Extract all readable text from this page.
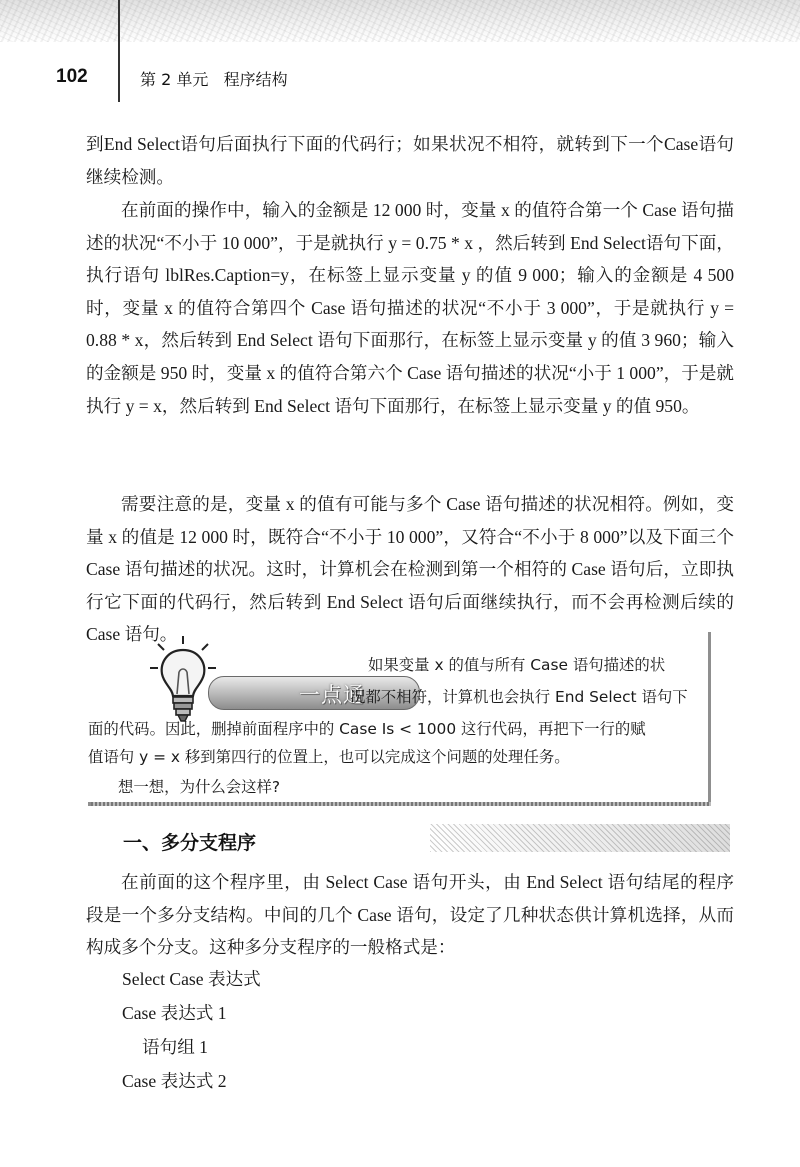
102	第 2 单元   程序结构

到End Select语句后面执行下面的代码行；如果状况不相符，就转到下一个Case语句继续检测。

在前面的操作中，输入的金额是 12 000 时，变量 x 的值符合第一个 Case 语句描述的状况“不小于 10 000”，于是就执行 y = 0.75 * x ，然后转到 End Select语句下面，执行语句 lblRes.Caption=y，在标签上显示变量 y 的值 9 000；输入的金额是 4 500 时，变量 x 的值符合第四个 Case 语句描述的状况“不小于 3 000”，于是就执行 y = 0.88 * x，然后转到 End Select 语句下面那行，在标签上显示变量 y 的值 3 960；输入的金额是 950 时，变量 x 的值符合第六个 Case 语句描述的状况“小于 1 000”，于是就执行 y = x，然后转到 End Select 语句下面那行，在标签上显示变量 y 的值 950。

需要注意的是，变量 x 的值有可能与多个 Case 语句描述的状况相符。例如，变量 x 的值是 12 000 时，既符合“不小于 10 000”，又符合“不小于 8 000”以及下面三个 Case 语句描述的状况。这时，计算机会在检测到第一个相符的 Case 语句后，立即执行它下面的代码行，然后转到 End Select 语句后面继续执行，而不会再检测后续的 Case 语句。

一点通

如果变量 x 的值与所有 Case 语句描述的状

况都不相符，计算机也会执行 End Select 语句下

面的代码。因此，删掉前面程序中的 Case Is < 1000 这行代码，再把下一行的赋

值语句 y = x 移到第四行的位置上，也可以完成这个问题的处理任务。

想一想，为什么会这样?

一、多分支程序

在前面的这个程序里，由 Select Case 语句开头，由 End Select 语句结尾的程序段是一个多分支结构。中间的几个 Case 语句，设定了几种状态供计算机选择，从而构成多个分支。这种多分支程序的一般格式是：

Select Case 表达式

Case 表达式 1

语句组 1

Case 表达式 2
